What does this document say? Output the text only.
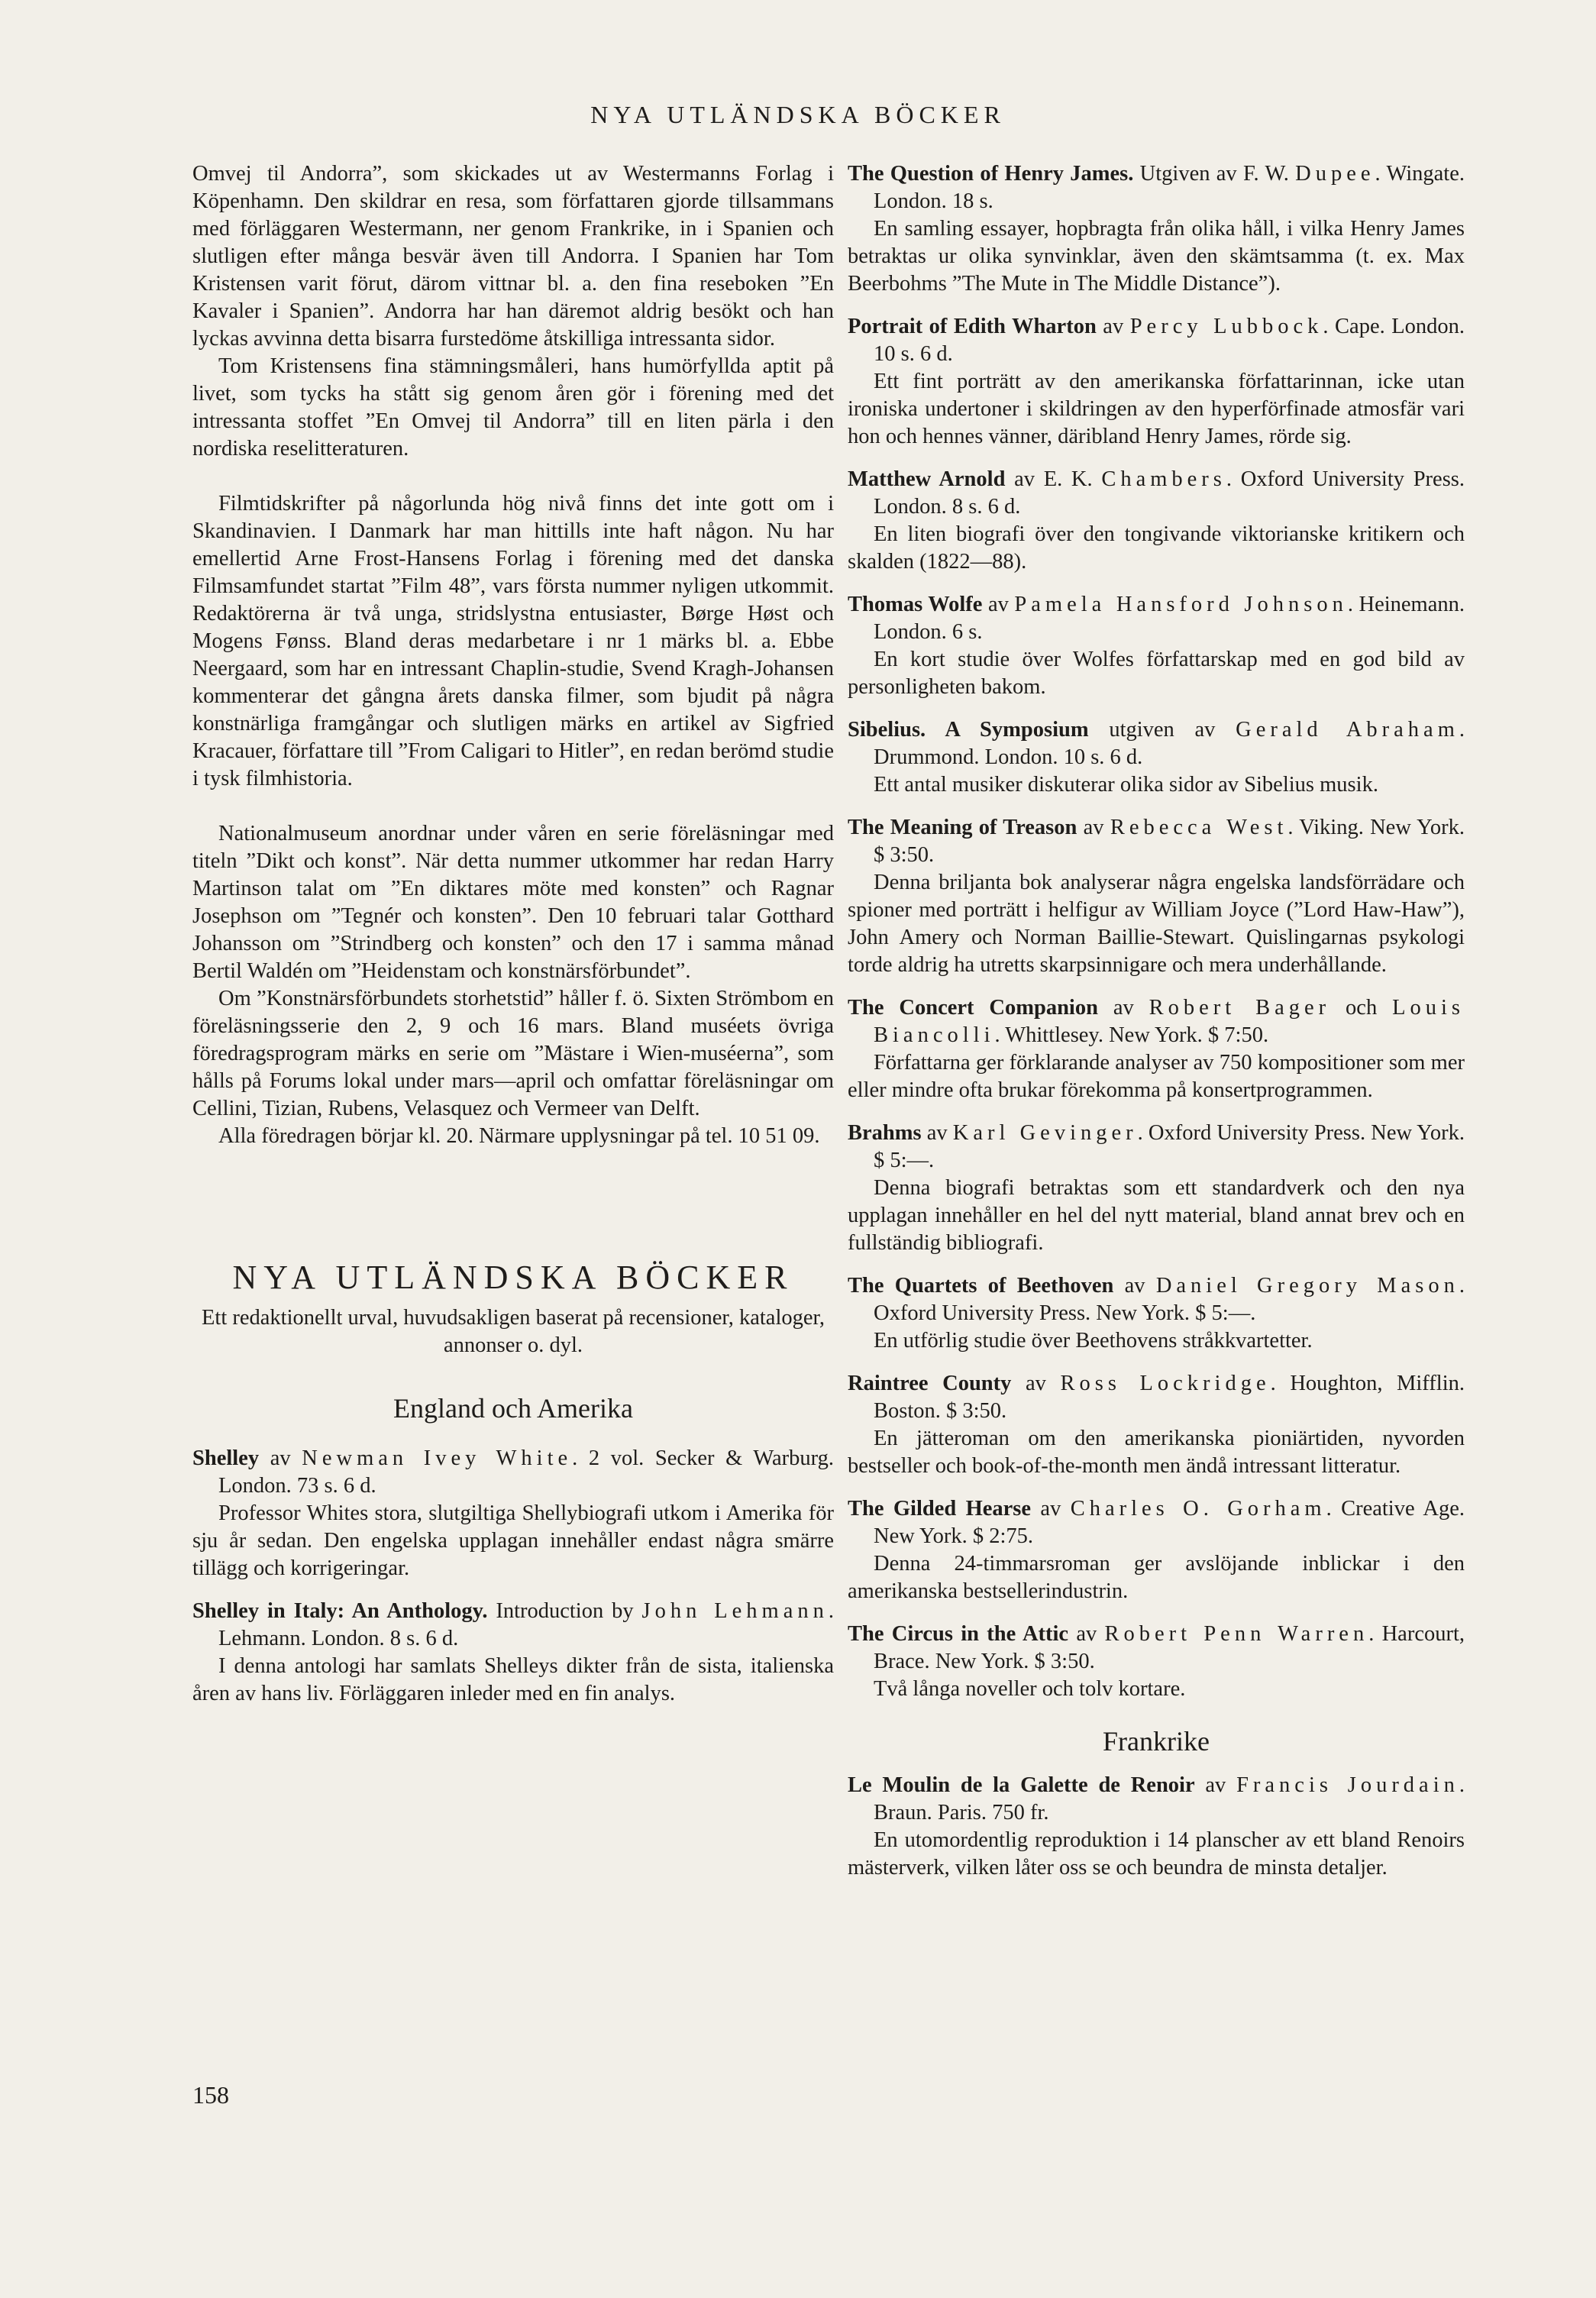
NYA UTLÄNDSKA BÖCKER

Omvej til Andorra”, som skickades ut av Westermanns Forlag i Köpenhamn. Den skildrar en resa, som författaren gjorde tillsammans med förläggaren Westermann, ner genom Frankrike, in i Spanien och slutligen efter många besvär även till Andorra. I Spanien har Tom Kristensen varit förut, därom vittnar bl. a. den fina reseboken ”En Kavaler i Spanien”. Andorra har han däremot aldrig besökt och han lyckas avvinna detta bisarra furstedöme åtskilliga intressanta sidor.

Tom Kristensens fina stämningsmåleri, hans humörfyllda aptit på livet, som tycks ha stått sig genom åren gör i förening med det intressanta stoffet ”En Omvej til Andorra” till en liten pärla i den nordiska reselitteraturen.

Filmtidskrifter på någorlunda hög nivå finns det inte gott om i Skandinavien. I Danmark har man hittills inte haft någon. Nu har emellertid Arne Frost-Hansens Forlag i förening med det danska Filmsamfundet startat ”Film 48”, vars första nummer nyligen utkommit. Redaktörerna är två unga, stridslystna entusiaster, Børge Høst och Mogens Fønss. Bland deras medarbetare i nr 1 märks bl. a. Ebbe Neergaard, som har en intressant Chaplin-studie, Svend Kragh-Johansen kommenterar det gångna årets danska filmer, som bjudit på några konstnärliga framgångar och slutligen märks en artikel av Sigfried Kracauer, författare till ”From Caligari to Hitler”, en redan berömd studie i tysk filmhistoria.

Nationalmuseum anordnar under våren en serie föreläsningar med titeln ”Dikt och konst”. När detta nummer utkommer har redan Harry Martinson talat om ”En diktares möte med konsten” och Ragnar Josephson om ”Tegnér och konsten”. Den 10 februari talar Gotthard Johansson om ”Strindberg och konsten” och den 17 i samma månad Bertil Waldén om ”Heidenstam och konstnärsförbundet”.

Om ”Konstnärsförbundets storhetstid” håller f. ö. Sixten Strömbom en föreläsningsserie den 2, 9 och 16 mars. Bland muséets övriga föredragsprogram märks en serie om ”Mästare i Wien-muséerna”, som hålls på Forums lokal under mars—april och omfattar föreläsningar om Cellini, Tizian, Rubens, Velasquez och Vermeer van Delft.

Alla föredragen börjar kl. 20. Närmare upplysningar på tel. 10 51 09.

NYA UTLÄNDSKA BÖCKER

Ett redaktionellt urval, huvudsakligen baserat på recensioner, kataloger, annonser o. dyl.

England och Amerika

Shelley av Newman Ivey White. 2 vol. Secker & Warburg. London. 73 s. 6 d.

Professor Whites stora, slutgiltiga Shellybiografi utkom i Amerika för sju år sedan. Den engelska upplagan innehåller endast några smärre tillägg och korrigeringar.

Shelley in Italy: An Anthology. Introduction by John Lehmann. Lehmann. London. 8 s. 6 d.

I denna antologi har samlats Shelleys dikter från de sista, italienska åren av hans liv. Förläggaren inleder med en fin analys.

The Question of Henry James. Utgiven av F. W. Dupee. Wingate. London. 18 s.

En samling essayer, hopbragta från olika håll, i vilka Henry James betraktas ur olika synvinklar, även den skämtsamma (t. ex. Max Beerbohms ”The Mute in The Middle Distance”).

Portrait of Edith Wharton av Percy Lubbock. Cape. London. 10 s. 6 d.

Ett fint porträtt av den amerikanska författarinnan, icke utan ironiska undertoner i skildringen av den hyperförfinade atmosfär vari hon och hennes vänner, däribland Henry James, rörde sig.

Matthew Arnold av E. K. Chambers. Oxford University Press. London. 8 s. 6 d.

En liten biografi över den tongivande viktorianske kritikern och skalden (1822—88).

Thomas Wolfe av Pamela Hansford Johnson. Heinemann. London. 6 s.

En kort studie över Wolfes författarskap med en god bild av personligheten bakom.

Sibelius. A Symposium utgiven av Gerald Abraham. Drummond. London. 10 s. 6 d.

Ett antal musiker diskuterar olika sidor av Sibelius musik.

The Meaning of Treason av Rebecca West. Viking. New York. $ 3:50.

Denna briljanta bok analyserar några engelska landsförrädare och spioner med porträtt i helfigur av William Joyce (”Lord Haw-Haw”), John Amery och Norman Baillie-Stewart. Quislingarnas psykologi torde aldrig ha utretts skarpsinnigare och mera underhållande.

The Concert Companion av Robert Bager och Louis Biancolli. Whittlesey. New York. $ 7:50.

Författarna ger förklarande analyser av 750 kompositioner som mer eller mindre ofta brukar förekomma på konsertprogrammen.

Brahms av Karl Gevinger. Oxford University Press. New York. $ 5:—.

Denna biografi betraktas som ett standardverk och den nya upplagan innehåller en hel del nytt material, bland annat brev och en fullständig bibliografi.

The Quartets of Beethoven av Daniel Gregory Mason. Oxford University Press. New York. $ 5:—.

En utförlig studie över Beethovens stråkkvartetter.

Raintree County av Ross Lockridge. Houghton, Mifflin. Boston. $ 3:50.

En jätteroman om den amerikanska pioniärtiden, nyvorden bestseller och book-of-the-month men ändå intressant litteratur.

The Gilded Hearse av Charles O. Gorham. Creative Age. New York. $ 2:75.

Denna 24-timmarsroman ger avslöjande inblickar i den amerikanska bestsellerindustrin.

The Circus in the Attic av Robert Penn Warren. Harcourt, Brace. New York. $ 3:50.

Två långa noveller och tolv kortare.

Frankrike

Le Moulin de la Galette de Renoir av Francis Jourdain. Braun. Paris. 750 fr.

En utomordentlig reproduktion i 14 planscher av ett bland Renoirs mästerverk, vilken låter oss se och beundra de minsta detaljer.

158
